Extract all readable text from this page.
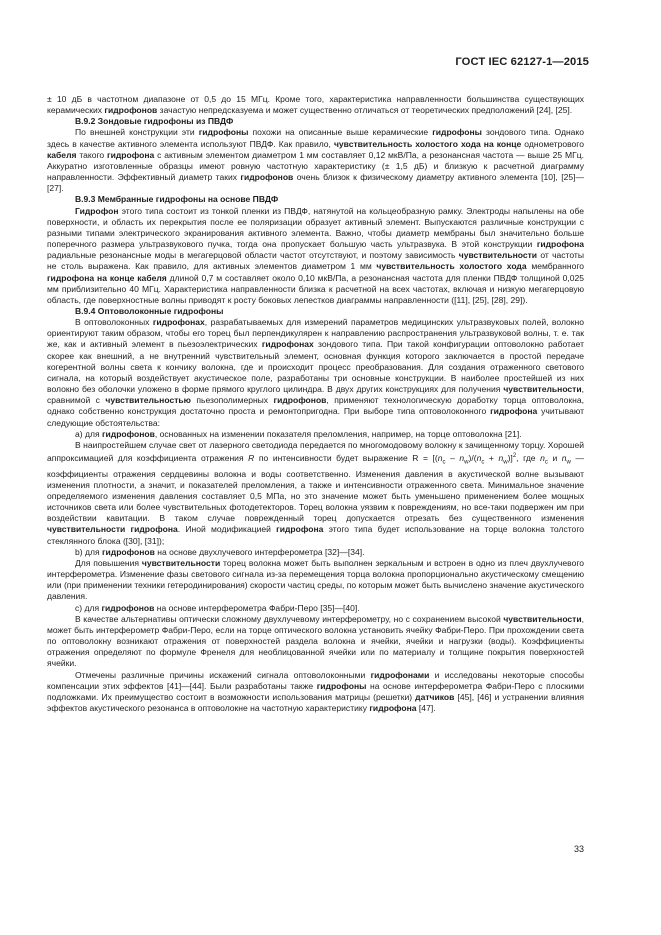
ГОСТ IEC 62127-1—2015

± 10 дБ в частотном диапазоне от 0,5 до 15 МГц. Кроме того, характеристика направленности большинства существующих керамических гидрофонов зачастую непредсказуема и может существенно отличаться от теоретических предположений [24], [25].

B.9.2 Зондовые гидрофоны из ПВДФ

По внешней конструкции эти гидрофоны похожи на описанные выше керамические гидрофоны зондового типа. Однако здесь в качестве активного элемента используют ПВДФ. Как правило, чувствительность холостого хода на конце однометрового кабеля такого гидрофона с активным элементом диаметром 1 мм составляет 0,12 мкВ/Па, а резонансная частота — выше 25 МГц. Аккуратно изготовленные образцы имеют ровную частотную характеристику (± 1,5 дБ) и близкую к расчетной диаграмму направленности. Эффективный диаметр таких гидрофонов очень близок к физическому диаметру активного элемента [10], [25]—[27].

B.9.3 Мембранные гидрофоны на основе ПВДФ

Гидрофон этого типа состоит из тонкой пленки из ПВДФ, натянутой на кольцеобразную рамку. Электроды напылены на обе поверхности, и область их перекрытия после ее поляризации образует активный элемент. Выпускаются различные конструкции с разными типами электрического экранирования активного элемента. Важно, чтобы диаметр мембраны был значительно больше поперечного размера ультразвукового пучка, тогда она пропускает большую часть ультразвука. В этой конструкции гидрофона радиальные резонансные моды в мегагерцовой области частот отсутствуют, и поэтому зависимость чувствительности от частоты не столь выражена. Как правило, для активных элементов диаметром 1 мм чувствительность холостого хода мембранного гидрофона на конце кабеля длиной 0,7 м составляет около 0,10 мкВ/Па, а резонансная частота для пленки ПВДФ толщиной 0,025 мм приблизительно 40 МГц. Характеристика направленности близка к расчетной на всех частотах, включая и низкую мегагерцовую область, где поверхностные волны приводят к росту боковых лепестков диаграммы направленности ([11], [25], [28], 29]).

B.9.4 Оптоволоконные гидрофоны

В оптоволоконных гидрофонах, разрабатываемых для измерений параметров медицинских ультразвуковых полей, волокно ориентируют таким образом, чтобы его торец был перпендикулярен к направлению распространения ультразвуковой волны, т. е. так же, как и активный элемент в пьезоэлектрических гидрофонах зондового типа. При такой конфигурации оптоволокно работает скорее как внешний, а не внутренний чувствительный элемент, основная функция которого заключается в простой передаче когерентной волны света к кончику волокна, где и происходит процесс преобразования. Для создания отраженного светового сигнала, на который воздействует акустическое поле, разработаны три основные конструкции. В наиболее простейшей из них волокно без оболочки уложено в форме прямого круглого цилиндра. В двух других конструкциях для получения чувствительности, сравнимой с чувствительностью пьезополимерных гидрофонов, применяют технологическую доработку торца оптоволокна, однако собственно конструкция достаточно проста и ремонтопригодна. При выборе типа оптоволоконного гидрофона учитывают следующие обстоятельства:

а) для гидрофонов, основанных на изменении показателя преломления, например, на торце оптоволокна [21].

В наипростейшем случае свет от лазерного светодиода передается по многомодовому волокну к зачищенному торцу. Хорошей аппроксимацией для коэффициента отражения R по интенсивности будет выражение $R = [(n_c - n_w)/(n_c + n_w)]^2$, где $n_c$ и $n_w$ — коэффициенты отражения сердцевины волокна и воды соответственно. Изменения давления в акустической волне вызывают изменения плотности, а значит, и показателей преломления, а также и интенсивности отраженного света. Минимальное значение определяемого изменения давления составляет 0,5 МПа, но это значение может быть уменьшено применением более мощных источников света или более чувствительных фотодетекторов. Торец волокна уязвим к повреждениям, но все-таки подвержен им при воздействии кавитации. В таком случае поврежденный торец допускается отрезать без существенного изменения чувствительности гидрофона. Иной модификацией гидрофона этого типа будет использование на торце волокна толстого стеклянного блока ([30], [31]);

b) для гидрофонов на основе двухлучевого интерферометра [32]—[34].

Для повышения чувствительности торец волокна может быть выполнен зеркальным и встроен в одно из плеч двухлучевого интерферометра. Изменение фазы светового сигнала из-за перемещения торца волокна пропорционально акустическому смещению или (при применении техники гетеродинирования) скорости частиц среды, по которым может быть вычислено значение акустического давления.

c) для гидрофонов на основе интерферометра Фабри-Перо [35]—[40].

В качестве альтернативы оптически сложному двухлучевому интерферометру, но с сохранением высокой чувствительности, может быть интерферометр Фабри-Перо, если на торце оптического волокна установить ячейку Фабри-Перо. При прохождении света по оптоволокну возникают отражения от поверхностей раздела волокна и ячейки, ячейки и нагрузки (воды). Коэффициенты отражения определяют по формуле Френеля для необлицованной ячейки или по материалу и толщине покрытия поверхностей ячейки.

Отмечены различные причины искажений сигнала оптоволоконными гидрофонами и исследованы некоторые способы компенсации этих эффектов [41]—[44]. Были разработаны также гидрофоны на основе интерферометра Фабри-Перо с плоскими подложками. Их преимущество состоит в возможности использования матрицы (решетки) датчиков [45], [46] и устранении влияния эффектов акустического резонанса в оптоволокне на частотную характеристику гидрофона [47].

33
